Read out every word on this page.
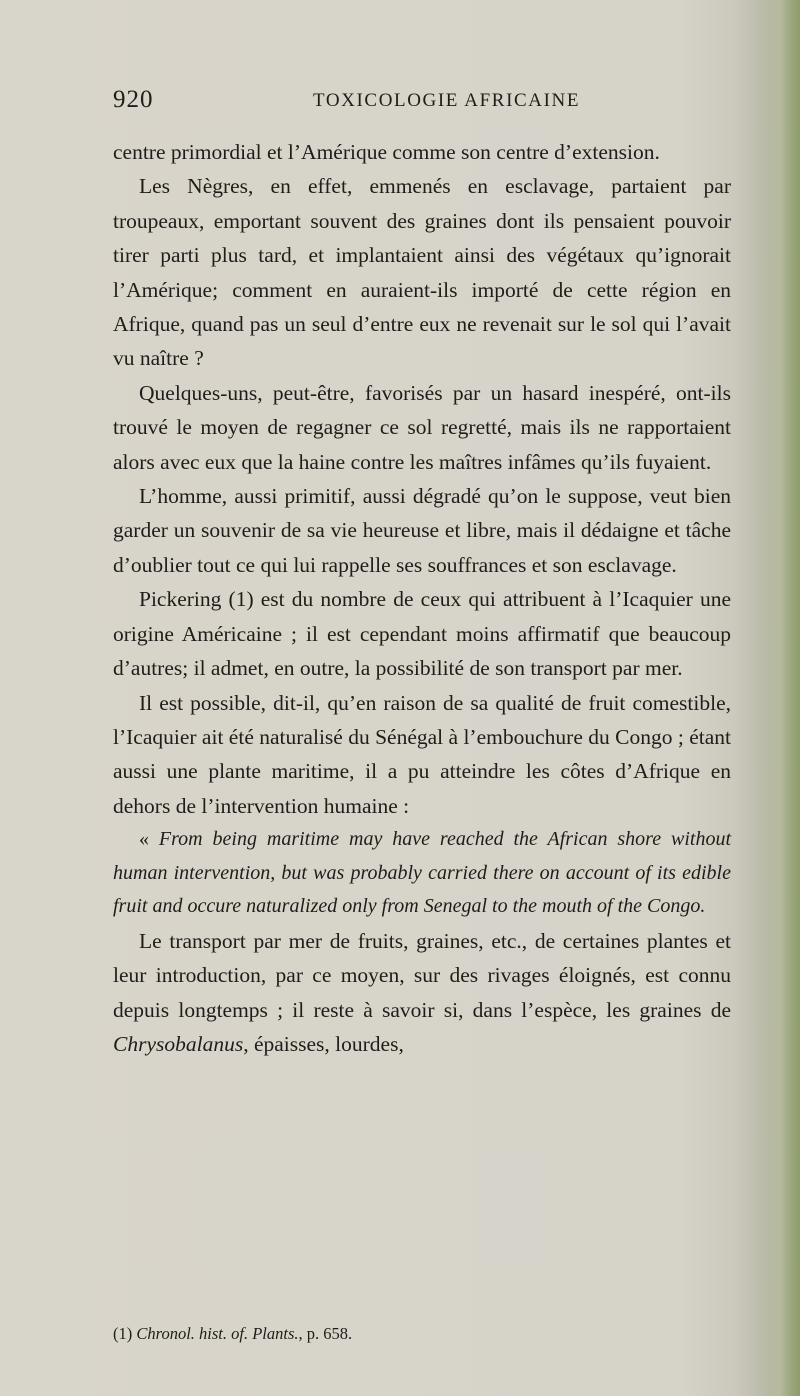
920	TOXICOLOGIE AFRICAINE

centre primordial et l’Amérique comme son centre d’extension.

Les Nègres, en effet, emmenés en esclavage, partaient par troupeaux, emportant souvent des graines dont ils pensaient pouvoir tirer parti plus tard, et implantaient ainsi des végétaux qu’ignorait l’Amérique; comment en auraient-ils importé de cette région en Afrique, quand pas un seul d’entre eux ne revenait sur le sol qui l’avait vu naître ?

Quelques-uns, peut-être, favorisés par un hasard inespéré, ont-ils trouvé le moyen de regagner ce sol regretté, mais ils ne rapportaient alors avec eux que la haine contre les maîtres infâmes qu’ils fuyaient.

L’homme, aussi primitif, aussi dégradé qu’on le suppose, veut bien garder un souvenir de sa vie heureuse et libre, mais il dédaigne et tâche d’oublier tout ce qui lui rappelle ses souffrances et son esclavage.

Pickering (1) est du nombre de ceux qui attribuent à l’Icaquier une origine Américaine ; il est cependant moins affirmatif que beaucoup d’autres; il admet, en outre, la possibilité de son transport par mer.

Il est possible, dit-il, qu’en raison de sa qualité de fruit comestible, l’Icaquier ait été naturalisé du Sénégal à l’embouchure du Congo ; étant aussi une plante maritime, il a pu atteindre les côtes d’Afrique en dehors de l’intervention humaine :

« From being maritime may have reached the African shore without human intervention, but was probably carried there on account of its edible fruit and occure naturalized only from Senegal to the mouth of the Congo.

Le transport par mer de fruits, graines, etc., de certaines plantes et leur introduction, par ce moyen, sur des rivages éloignés, est connu depuis longtemps ; il reste à savoir si, dans l’espèce, les graines de Chrysobalanus, épaisses, lourdes,

(1) Chronol. hist. of. Plants., p. 658.
